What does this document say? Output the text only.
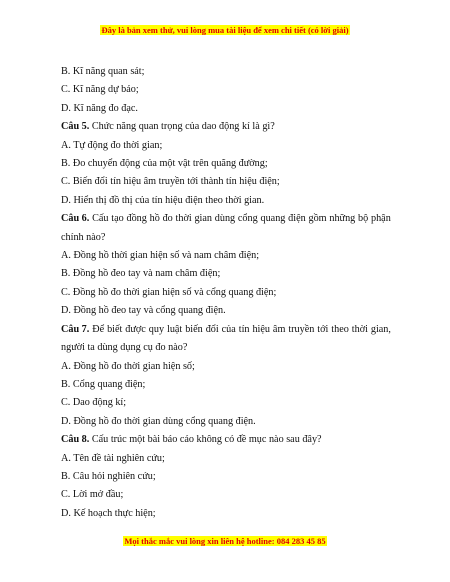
Đây là bản xem thử, vui lòng mua tài liệu để xem chi tiết (có lời giải)
B. Kĩ năng quan sát;
C. Kĩ năng dự báo;
D. Kĩ năng đo đạc.
Câu 5. Chức năng quan trọng của dao động kí là gì?
A. Tự động đo thời gian;
B. Đo chuyển động của một vật trên quãng đường;
C. Biến đổi tín hiệu âm truyền tới thành tín hiệu điện;
D. Hiển thị đồ thị của tín hiệu điện theo thời gian.
Câu 6. Cấu tạo đồng hồ đo thời gian dùng cổng quang điện gồm những bộ phận
chính nào?
A. Đồng hồ thời gian hiện số và nam châm điện;
B. Đồng hồ đeo tay và nam châm điện;
C. Đồng hồ đo thời gian hiện số và cổng quang điện;
D. Đồng hồ đeo tay và cổng quang điện.
Câu 7. Để biết được quy luật biến đổi của tín hiệu âm truyền tới theo thời gian,
người ta dùng dụng cụ đo nào?
A. Đồng hồ đo thời gian hiện số;
B. Cổng quang điện;
C. Dao động kí;
D. Đồng hồ đo thời gian dùng cổng quang điện.
Câu 8. Cấu trúc một bài báo cáo không có đề mục nào sau đây?
A. Tên đề tài nghiên cứu;
B. Câu hỏi nghiên cứu;
C. Lời mở đầu;
D. Kế hoạch thực hiện;
Mọi thắc mắc vui lòng xin liên hệ hotline: 084 283 45 85
